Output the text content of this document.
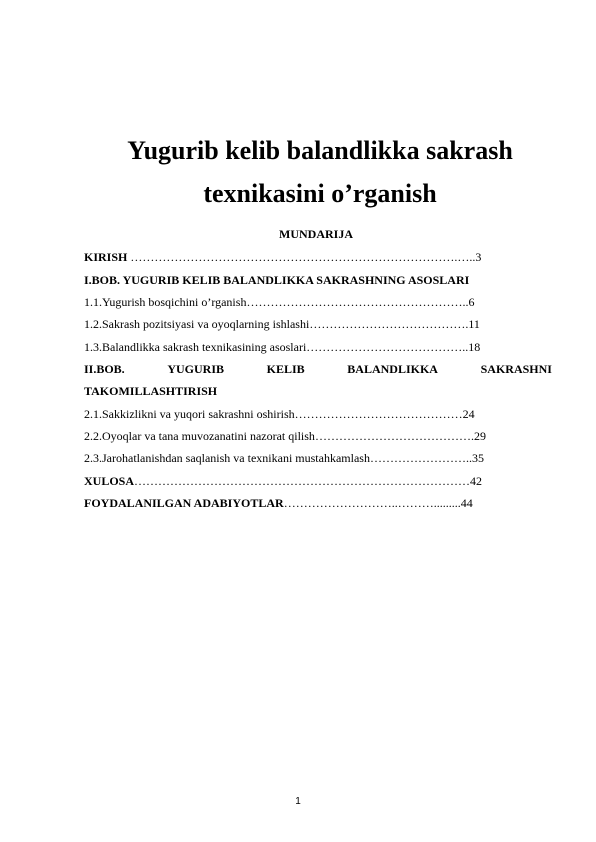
Yugurib kelib balandlikka sakrash
texnikasini o’rganish
MUNDARIJA
KIRISH ……………………………………………………………………….…..3
I.BOB. YUGURIB KELIB BALANDLIKKA SAKRASHNING ASOSLARI
1.1.Yugurish bosqichini o’rganish………………………………………………..6
1.2.Sakrash pozitsiyasi va oyoqlarning ishlashi………………………………….11
1.3.Balandlikka sakrash texnikasining asoslari…………………………………..18
II.BOB.	YUGURIB	KELIB	BALANDLIKKA	SAKRASHNI
TAKOMILLASHTIRISH
2.1.Sakkizlikni va yuqori sakrashni oshirish……………………………………24
2.2.Oyoqlar va tana muvozanatini nazorat qilish………………………………….29
2.3.Jarohatlanishdan saqlanish va texnikani mustahkamlash……………………..35
XULOSA…………………………………………………………………………42
FOYDALANILGAN ADABIYOTLAR………………………..……….........44
1
